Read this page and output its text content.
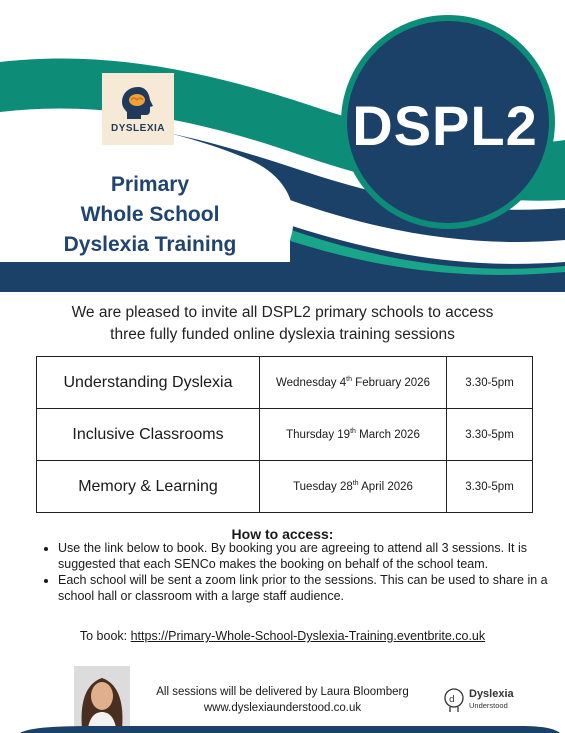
DYSLEXIA
Primary
Whole School
Dyslexia Training
DSPL2
We are pleased to invite all DSPL2 primary schools to access
three fully funded online dyslexia training sessions
Understanding Dyslexia	Wednesday 4th February 2026	3.30-5pm
Inclusive Classrooms	Thursday 19th March 2026	3.30-5pm
Memory & Learning	Tuesday 28th April 2026	3.30-5pm
How to access:
• Use the link below to book. By booking you are agreeing to attend all 3 sessions. It is suggested that each SENCo makes the booking on behalf of the school team.
• Each school will be sent a zoom link prior to the sessions. This can be used to share in a school hall or classroom with a large staff audience.
To book: https://Primary-Whole-School-Dyslexia-Training.eventbrite.co.uk
All sessions will be delivered by Laura Bloomberg
www.dyslexiaunderstood.co.uk
d Dyslexia
Understood
